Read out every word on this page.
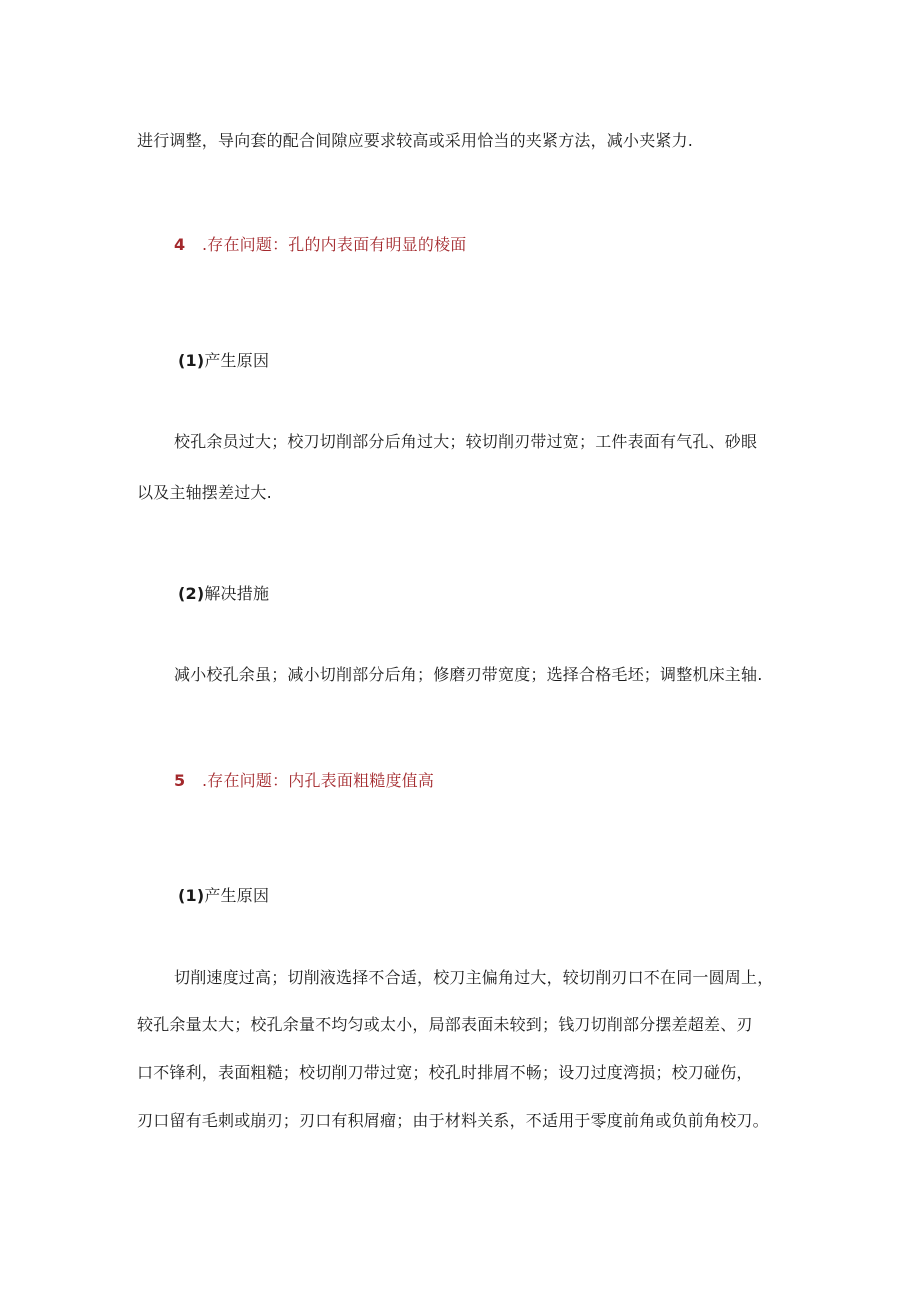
进行调整，导向套的配合间隙应要求较高或采用恰当的夹紧方法，减小夹紧力.
4 .存在问题：孔的内表面有明显的棱面
(1)产生原因
校孔余员过大；校刀切削部分后角过大；较切削刃带过宽；工件表面有气孔、砂眼
以及主轴摆差过大.
(2)解决措施
减小校孔余虽；减小切削部分后角；修磨刃带宽度；选择合格毛坯；调整机床主轴.
5 .存在问题：内孔表面粗糙度值高
(1)产生原因
切削速度过高；切削液选择不合适，校刀主偏角过大，较切削刃口不在同一圆周上，
较孔余量太大；校孔余量不均匀或太小，局部表面未较到；钱刀切削部分摆差超差、刃
口不锋利，表面粗糙；校切削刀带过宽；校孔时排屑不畅；设刀过度湾损；校刀碰伤，
刃口留有毛刺或崩刃；刃口有积屑瘤；由于材料关系，不适用于零度前角或负前角校刀。
